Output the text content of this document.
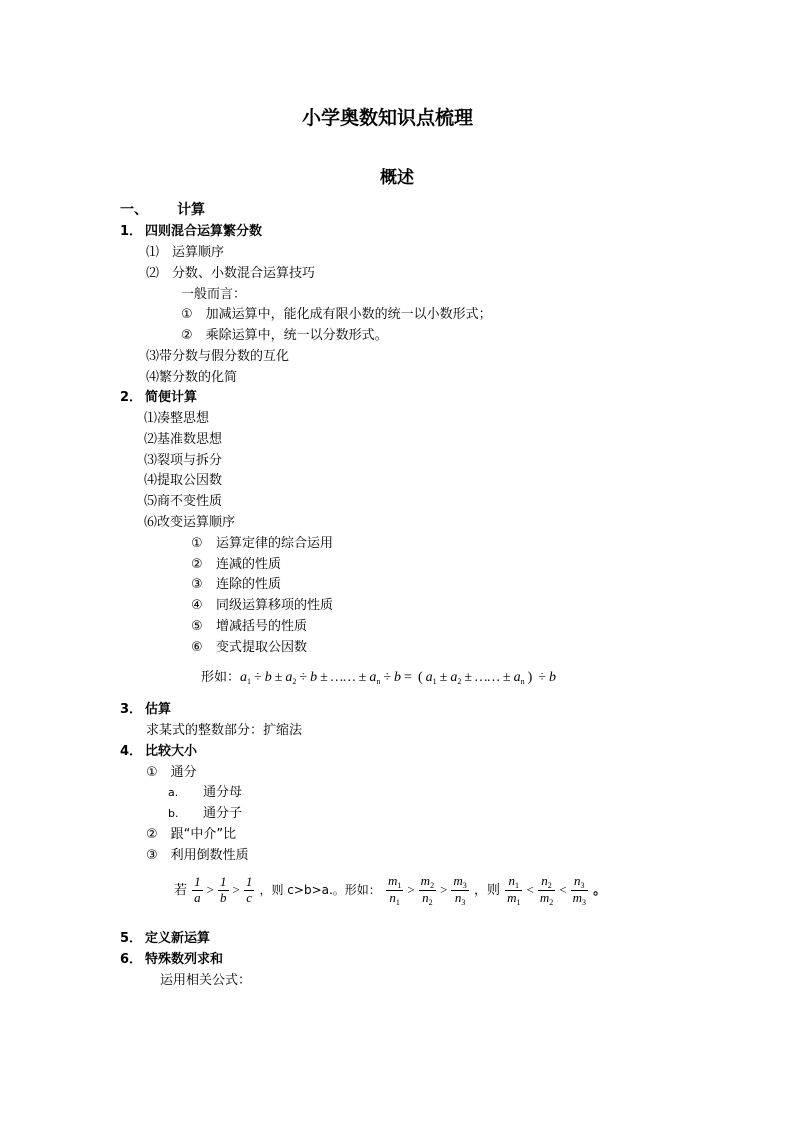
小学奥数知识点梳理
概述
一、 计算
1． 四则混合运算繁分数
⑴　运算顺序
⑵　分数、小数混合运算技巧
一般而言：
①　加减运算中，能化成有限小数的统一以小数形式；
②　乘除运算中，统一以分数形式。
⑶带分数与假分数的互化
⑷繁分数的化简
2． 简便计算
⑴凑整思想
⑵基准数思想
⑶裂项与拆分
⑷提取公因数
⑸商不变性质
⑹改变运算顺序
① 运算定律的综合运用
② 连减的性质
③ 连除的性质
④ 同级运算移项的性质
⑤ 增减括号的性质
⑥ 变式提取公因数
形如：$a_1 \div b \pm a_2 \div b$ ± …… ± $a_n \div b$ = ( $a_1 \pm a_2$ ± …… ± $a_n$ ) ÷ b
3． 估算
求某式的整数部分：扩缩法
4． 比较大小
①　通分
a. 通分母
b. 通分子
②　跟“中介”比
③　利用倒数性质
若 $\frac{1}{a} > \frac{1}{b} > \frac{1}{c}$ ，则 c>b>a.。形如： $\frac{m_1}{n_1} > \frac{m_2}{n_2} > \frac{m_3}{n_3}$ ，则 $\frac{n_1}{m_1} < \frac{n_2}{m_2} < \frac{n_3}{m_3}$ 。
5． 定义新运算
6． 特殊数列求和
运用相关公式：
